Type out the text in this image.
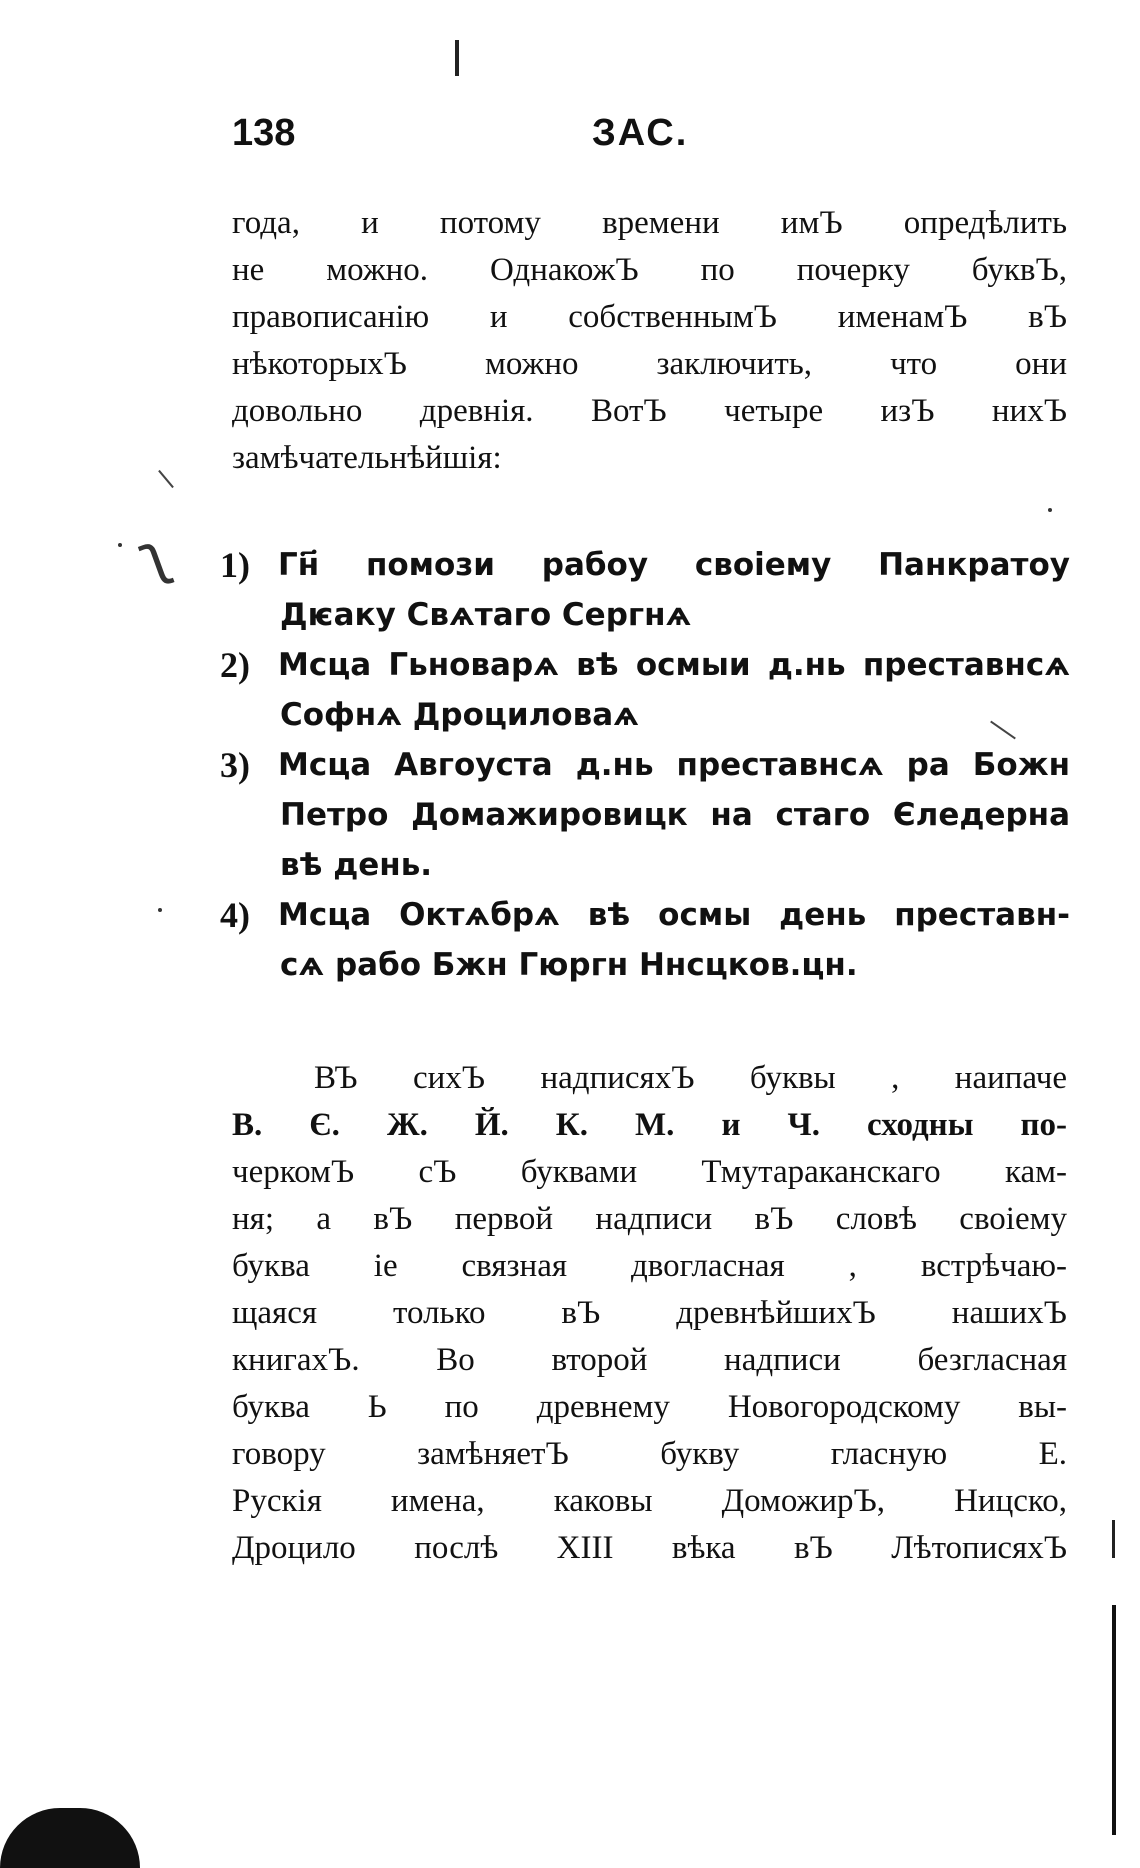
ʅ
138	ЗАС.
года, и потому времени имЪ опредѣлить
не можно. ОднакожЪ по почерку буквЪ,
правописанію и собственнымЪ именамЪ вЪ
нѣкоторыхЪ можно заключить, что они
довольно древнія. ВотЪ четыре изЪ нихЪ
замѣчательнѣйшія:
1) Гн҃ помози рабоу своіему Панкратоу
Дѥакy Свѧтаго Сергнѧ
2) Мсца Гьноварѧ вѣ осмыи д.нь преставнсѧ
Софнѧ Дроциловаѧ
3) Мсца Авгоуста д.нь преставнсѧ ра Божн
Петро Домажировицк на стаго Єледерна
вѣ день.
4) Мсца Октѧбрѧ вѣ осмы день преставн-
сѧ рабо Бжн Гюргн Ннсцков.цн.
ВЪ сихЪ надписяхЪ буквы , наипаче
В. Є. Ж. Й. К. М. и Ч. сходны по-
черкомЪ сЪ буквами Тмутараканскаго кам-
ня; а вЪ первой надписи вЪ словѣ своіему
буква іе связная двогласная , встрѣчаю-
щаяся только вЪ древнѣйшихЪ нашихЪ
книгахЪ. Во второй надписи безгласная
буква Ь по древнему Новогородскому вы-
говору замѣняетЪ букву гласную Е.
Рускія имена, каковы ДоможирЪ, Ницско,
Дроцило послѣ XIII вѣка вЪ ЛѣтописяхЪ
